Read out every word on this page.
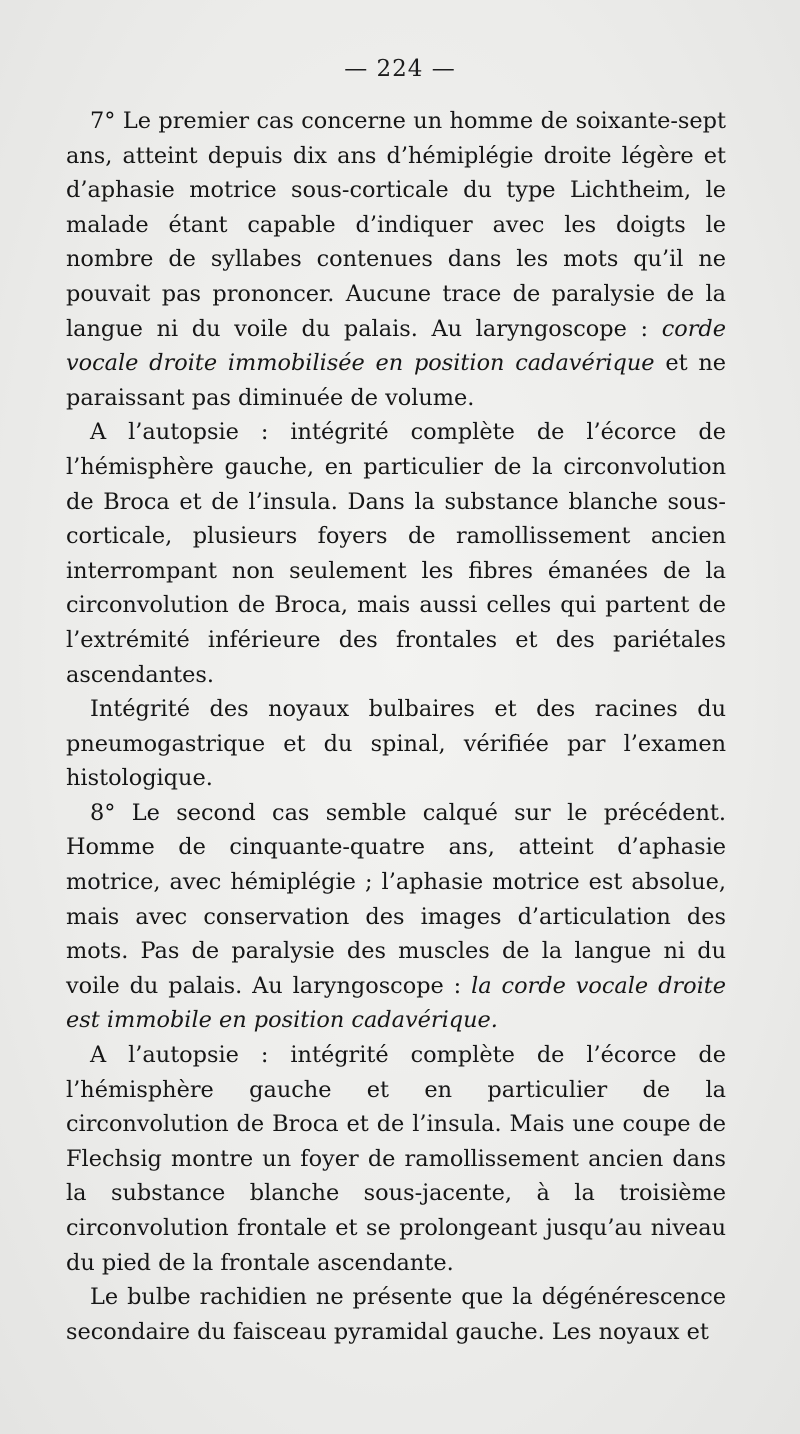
— 224 —

7° Le premier cas concerne un homme de soixante-sept ans, atteint depuis dix ans d’hémiplégie droite légère et d’aphasie motrice sous-corticale du type Lichtheim, le malade étant capable d’indiquer avec les doigts le nombre de syllabes contenues dans les mots qu’il ne pouvait pas prononcer. Aucune trace de paralysie de la langue ni du voile du palais. Au laryngoscope : corde vocale droite immobilisée en position cadavérique et ne paraissant pas diminuée de volume.

A l’autopsie : intégrité complète de l’écorce de l’hémisphère gauche, en particulier de la circonvolution de Broca et de l’insula. Dans la substance blanche sous-corticale, plusieurs foyers de ramollissement ancien interrompant non seulement les fibres émanées de la circonvolution de Broca, mais aussi celles qui partent de l’extrémité inférieure des frontales et des pariétales ascendantes.

Intégrité des noyaux bulbaires et des racines du pneumogastrique et du spinal, vérifiée par l’examen histologique.

8° Le second cas semble calqué sur le précédent. Homme de cinquante-quatre ans, atteint d’aphasie motrice, avec hémiplégie ; l’aphasie motrice est absolue, mais avec conservation des images d’articulation des mots. Pas de paralysie des muscles de la langue ni du voile du palais. Au laryngoscope : la corde vocale droite est immobile en position cadavérique.

A l’autopsie : intégrité complète de l’écorce de l’hémisphère gauche et en particulier de la circonvolution de Broca et de l’insula. Mais une coupe de Flechsig montre un foyer de ramollissement ancien dans la substance blanche sous-jacente, à la troisième circonvolution frontale et se prolongeant jusqu’au niveau du pied de la frontale ascendante.

Le bulbe rachidien ne présente que la dégénérescence secondaire du faisceau pyramidal gauche. Les noyaux et
